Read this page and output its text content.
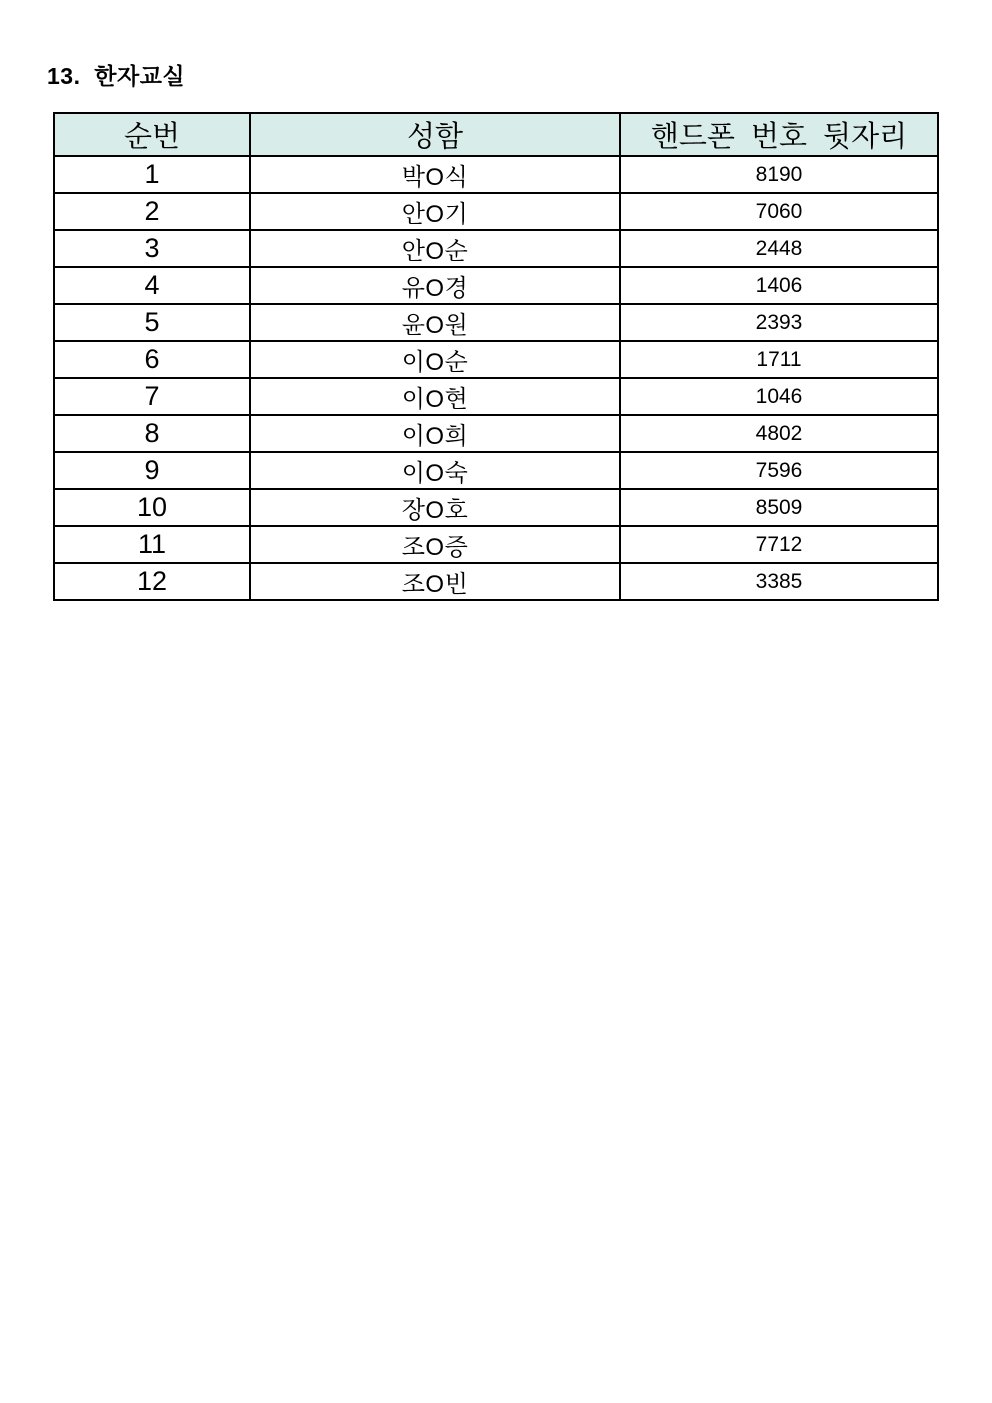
13.  한자교실
순번	성함	핸드폰 번호 뒷자리
1	박O식	8190
2	안O기	7060
3	안O순	2448
4	유O경	1406
5	윤O원	2393
6	이O순	1711
7	이O현	1046
8	이O희	4802
9	이O숙	7596
10	장O호	8509
11	조O증	7712
12	조O빈	3385
